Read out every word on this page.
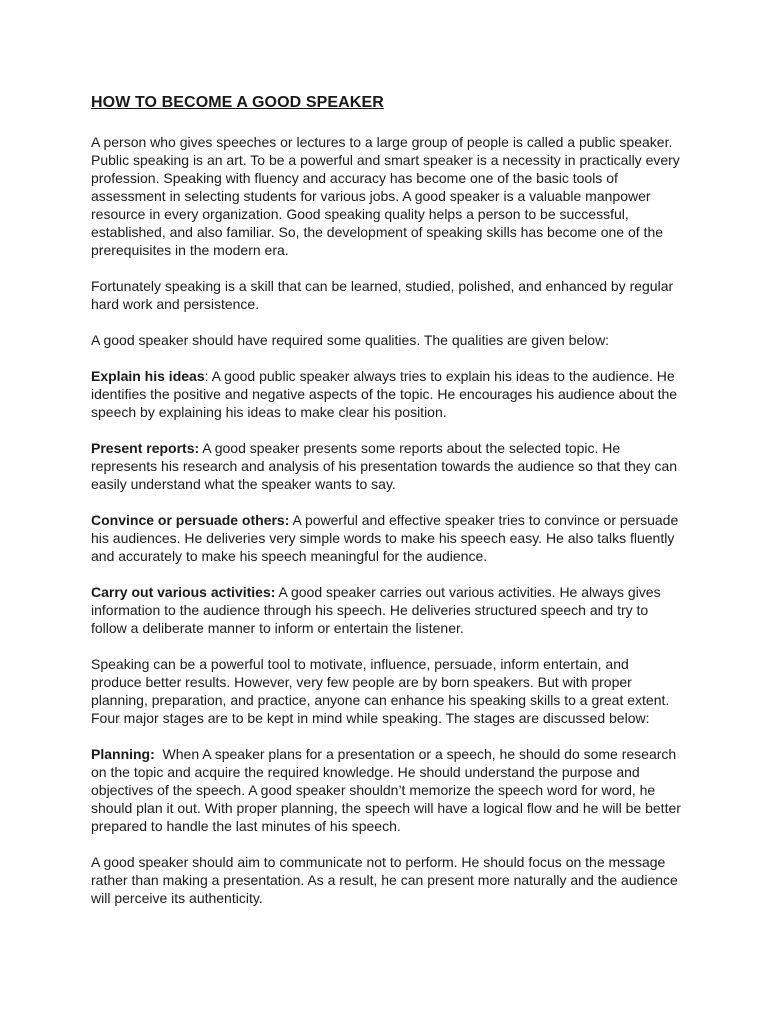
HOW TO BECOME A GOOD SPEAKER

A person who gives speeches or lectures to a large group of people is called a public speaker. Public speaking is an art. To be a powerful and smart speaker is a necessity in practically every profession. Speaking with fluency and accuracy has become one of the basic tools of assessment in selecting students for various jobs. A good speaker is a valuable manpower resource in every organization. Good speaking quality helps a person to be successful, established, and also familiar. So, the development of speaking skills has become one of the prerequisites in the modern era.

Fortunately speaking is a skill that can be learned, studied, polished, and enhanced by regular hard work and persistence.

A good speaker should have required some qualities. The qualities are given below:

Explain his ideas: A good public speaker always tries to explain his ideas to the audience. He identifies the positive and negative aspects of the topic. He encourages his audience about the speech by explaining his ideas to make clear his position.

Present reports: A good speaker presents some reports about the selected topic. He represents his research and analysis of his presentation towards the audience so that they can easily understand what the speaker wants to say.

Convince or persuade others: A powerful and effective speaker tries to convince or persuade his audiences. He deliveries very simple words to make his speech easy. He also talks fluently and accurately to make his speech meaningful for the audience.

Carry out various activities: A good speaker carries out various activities. He always gives information to the audience through his speech. He deliveries structured speech and try to follow a deliberate manner to inform or entertain the listener.

Speaking can be a powerful tool to motivate, influence, persuade, inform entertain, and produce better results. However, very few people are by born speakers. But with proper planning, preparation, and practice, anyone can enhance his speaking skills to a great extent. Four major stages are to be kept in mind while speaking. The stages are discussed below:

Planning:  When A speaker plans for a presentation or a speech, he should do some research on the topic and acquire the required knowledge. He should understand the purpose and objectives of the speech. A good speaker shouldn’t memorize the speech word for word, he should plan it out. With proper planning, the speech will have a logical flow and he will be better prepared to handle the last minutes of his speech.

A good speaker should aim to communicate not to perform. He should focus on the message rather than making a presentation. As a result, he can present more naturally and the audience will perceive its authenticity.
